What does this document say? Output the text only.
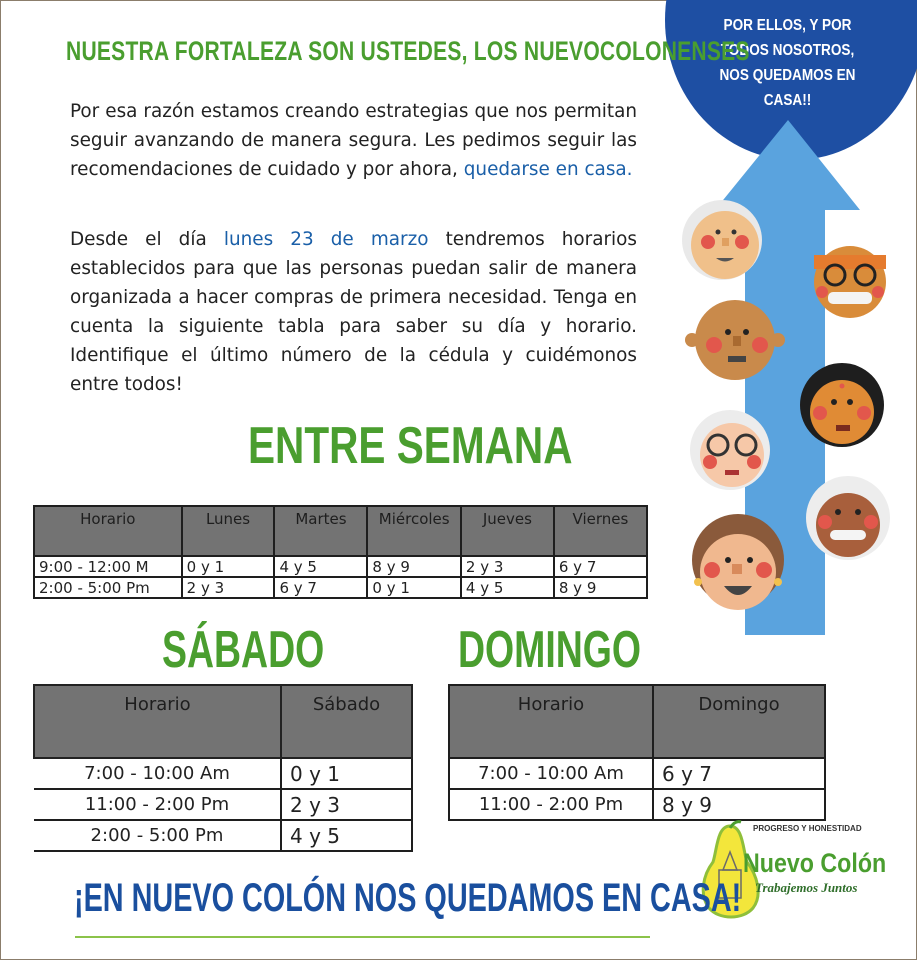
POR ELLOS, Y POR TODOS NOSOTROS, NOS QUEDAMOS EN CASA!!
NUESTRA FORTALEZA SON USTEDES, LOS NUEVOCOLONENSES
Por esa razón estamos creando estrategias que nos permitan seguir avanzando de manera segura. Les pedimos seguir las recomendaciones de cuidado y por ahora, quedarse en casa.
Desde el día lunes 23 de marzo tendremos horarios establecidos para que las personas puedan salir de manera organizada a hacer compras de primera necesidad. Tenga en cuenta la siguiente tabla para saber su día y horario. Identifique el último número de la cédula y cuidémonos entre todos!
ENTRE SEMANA
Horario	Lunes	Martes	Miércoles	Jueves	Viernes
9:00 - 12:00 M	0 y 1	4 y 5	8 y 9	2 y 3	6 y 7
2:00 - 5:00 Pm	2 y 3	6 y 7	0 y 1	4 y 5	8 y 9
SÁBADO
Horario	Sábado
7:00 - 10:00 Am	0 y 1
11:00 - 2:00 Pm	2 y 3
2:00 - 5:00 Pm	4 y 5
DOMINGO
Horario	Domingo
7:00 - 10:00 Am	6 y 7
11:00 - 2:00 Pm	8 y 9
PROGRESO Y HONESTIDAD
Nuevo Colón
Trabajemos Juntos
¡EN NUEVO COLÓN NOS QUEDAMOS EN CASA!
